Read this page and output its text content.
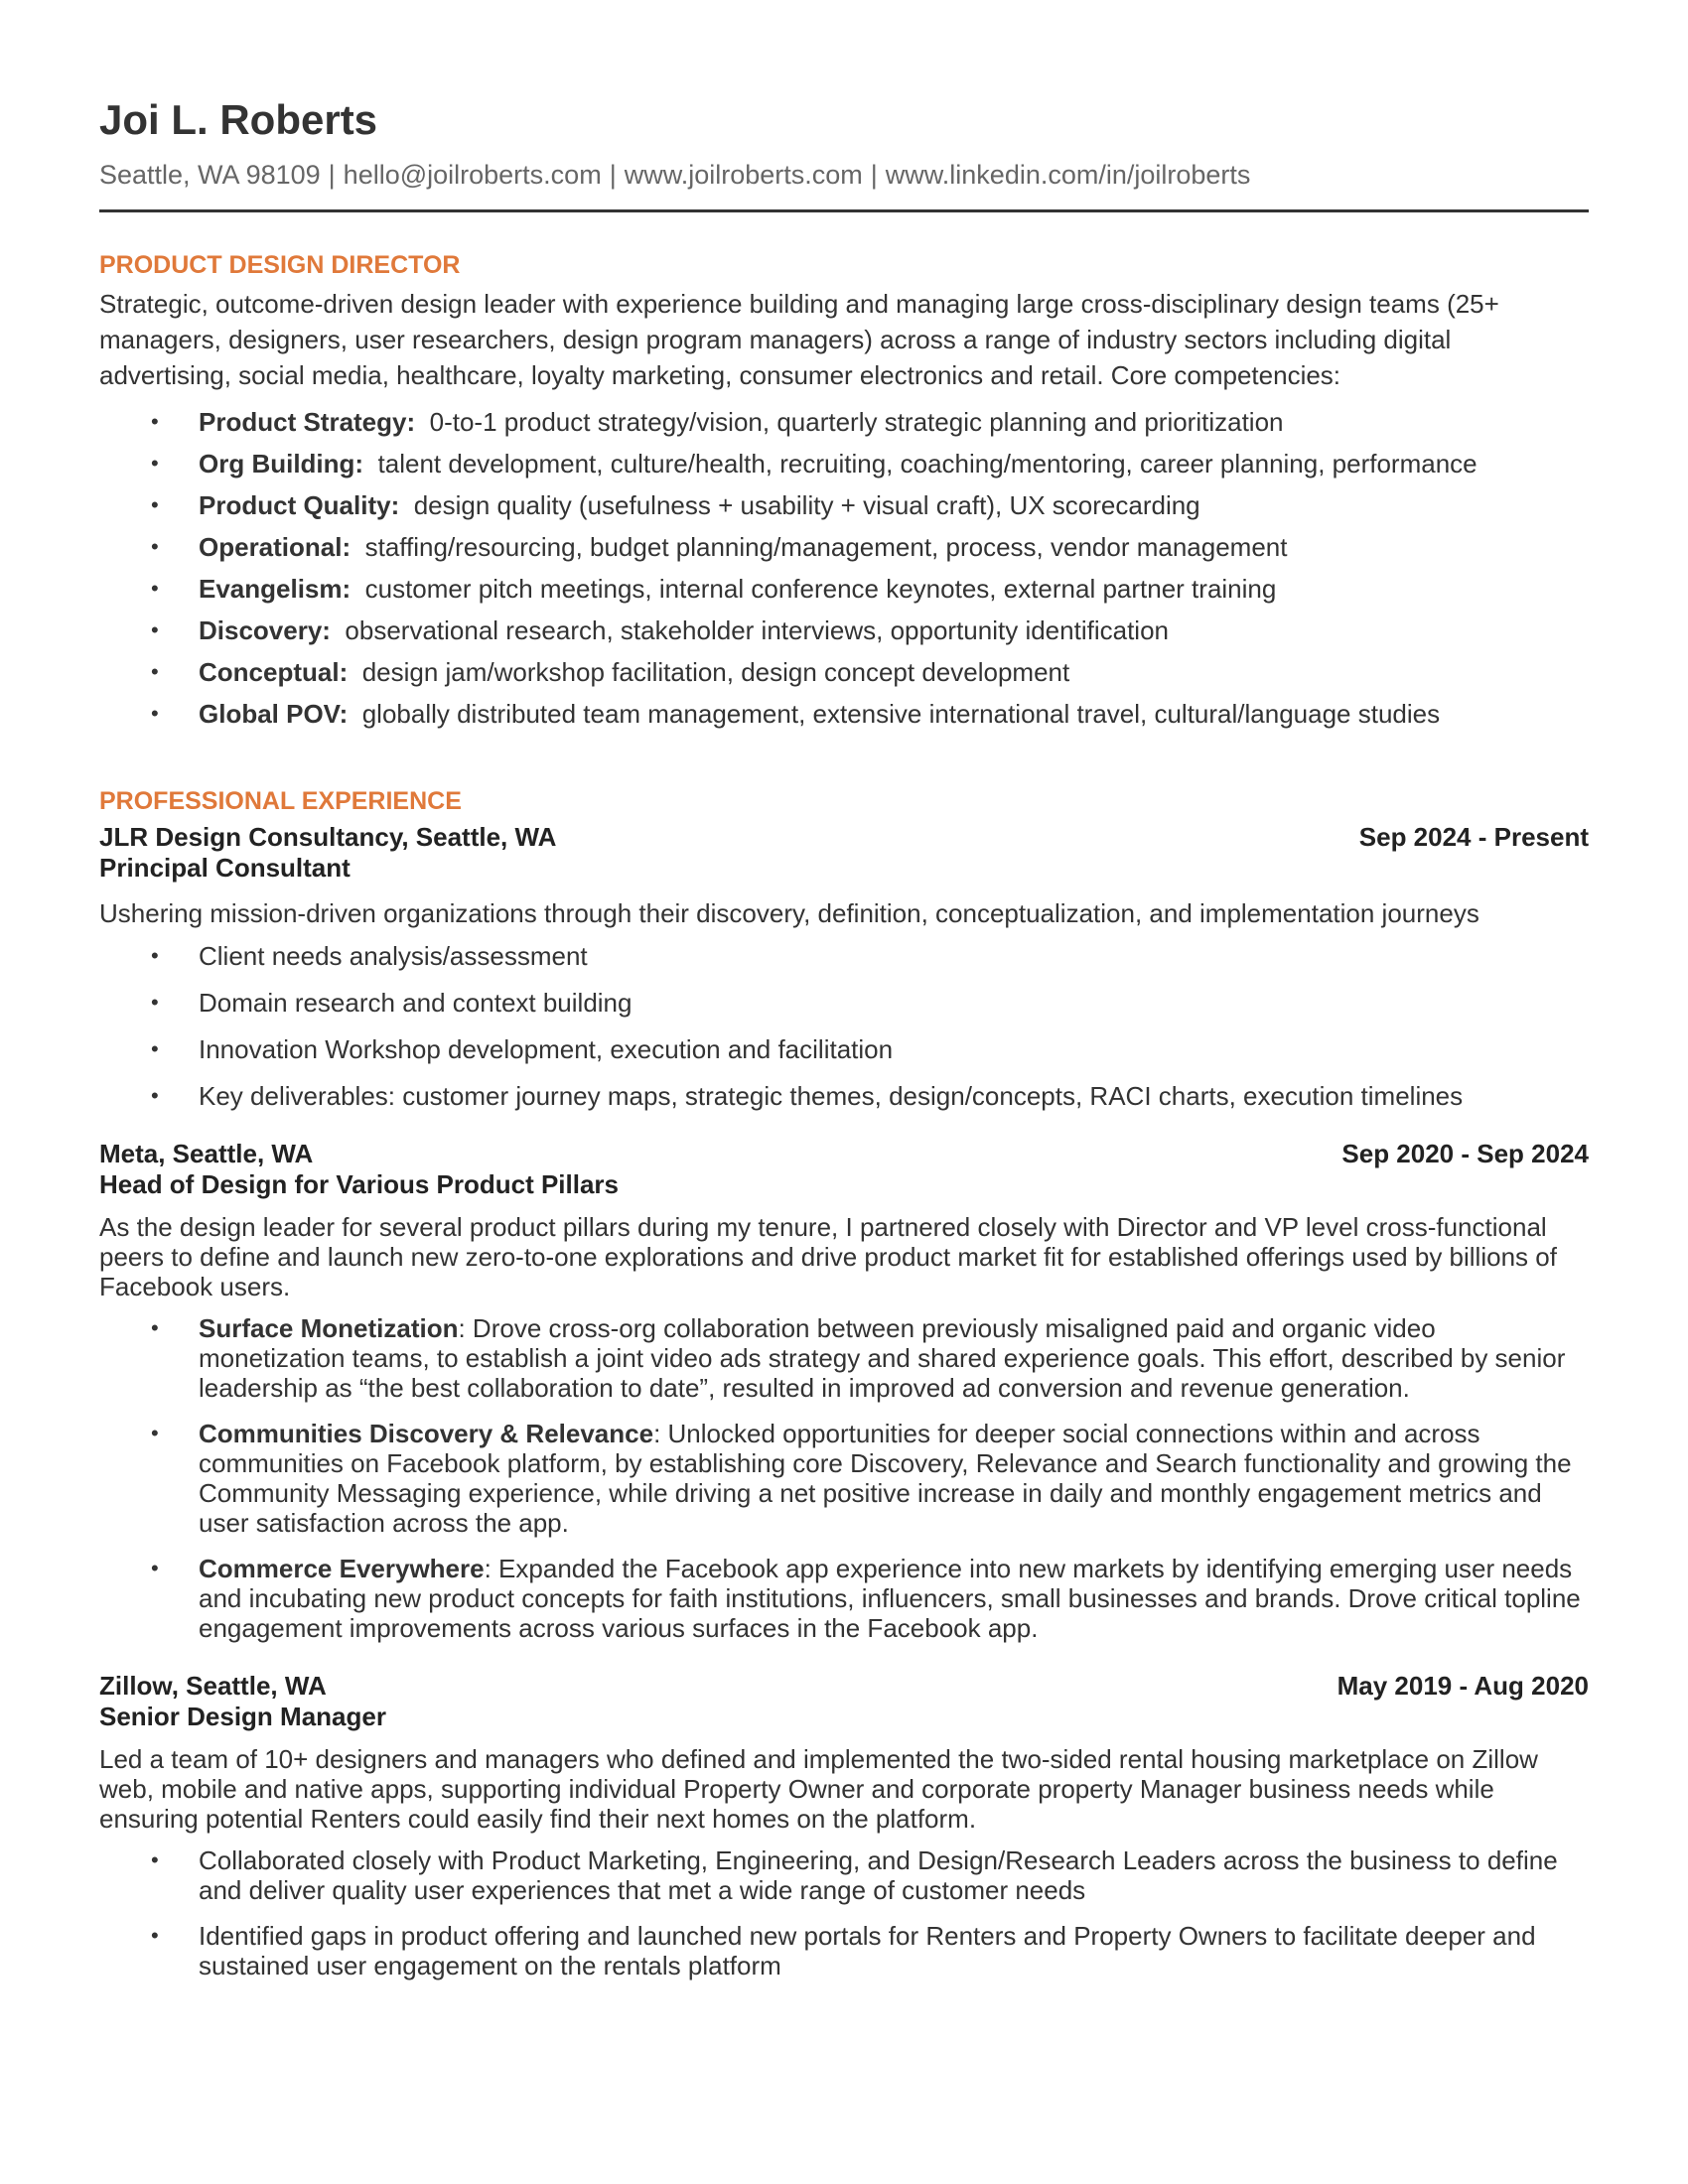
Joi L. Roberts
Seattle, WA 98109 | hello@joilroberts.com | www.joilroberts.com | www.linkedin.com/in/joilroberts
PRODUCT DESIGN DIRECTOR

Strategic, outcome-driven design leader with experience building and managing large cross-disciplinary design teams (25+ managers, designers, user researchers, design program managers) across a range of industry sectors including digital advertising, social media, healthcare, loyalty marketing, consumer electronics and retail. Core competencies:

• Product Strategy: 0-to-1 product strategy/vision, quarterly strategic planning and prioritization
• Org Building: talent development, culture/health, recruiting, coaching/mentoring, career planning, performance
• Product Quality: design quality (usefulness + usability + visual craft), UX scorecarding
• Operational: staffing/resourcing, budget planning/management, process, vendor management
• Evangelism: customer pitch meetings, internal conference keynotes, external partner training
• Discovery: observational research, stakeholder interviews, opportunity identification
• Conceptual: design jam/workshop facilitation, design concept development
• Global POV: globally distributed team management, extensive international travel, cultural/language studies
PROFESSIONAL EXPERIENCE
JLR Design Consultancy, Seattle, WA	Sep 2024 - Present
Principal Consultant

Ushering mission-driven organizations through their discovery, definition, conceptualization, and implementation journeys

• Client needs analysis/assessment
• Domain research and context building
• Innovation Workshop development, execution and facilitation
• Key deliverables: customer journey maps, strategic themes, design/concepts, RACI charts, execution timelines
Meta, Seattle, WA	Sep 2020 - Sep 2024
Head of Design for Various Product Pillars

As the design leader for several product pillars during my tenure, I partnered closely with Director and VP level cross-functional peers to define and launch new zero-to-one explorations and drive product market fit for established offerings used by billions of Facebook users.

• Surface Monetization: Drove cross-org collaboration between previously misaligned paid and organic video monetization teams, to establish a joint video ads strategy and shared experience goals. This effort, described by senior leadership as “the best collaboration to date”, resulted in improved ad conversion and revenue generation.
• Communities Discovery & Relevance: Unlocked opportunities for deeper social connections within and across communities on Facebook platform, by establishing core Discovery, Relevance and Search functionality and growing the Community Messaging experience, while driving a net positive increase in daily and monthly engagement metrics and user satisfaction across the app.
• Commerce Everywhere: Expanded the Facebook app experience into new markets by identifying emerging user needs and incubating new product concepts for faith institutions, influencers, small businesses and brands. Drove critical topline engagement improvements across various surfaces in the Facebook app.
Zillow, Seattle, WA	May 2019 - Aug 2020
Senior Design Manager

Led a team of 10+ designers and managers who defined and implemented the two-sided rental housing marketplace on Zillow web, mobile and native apps, supporting individual Property Owner and corporate property Manager business needs while ensuring potential Renters could easily find their next homes on the platform.

• Collaborated closely with Product Marketing, Engineering, and Design/Research Leaders across the business to define and deliver quality user experiences that met a wide range of customer needs
• Identified gaps in product offering and launched new portals for Renters and Property Owners to facilitate deeper and sustained user engagement on the rentals platform
